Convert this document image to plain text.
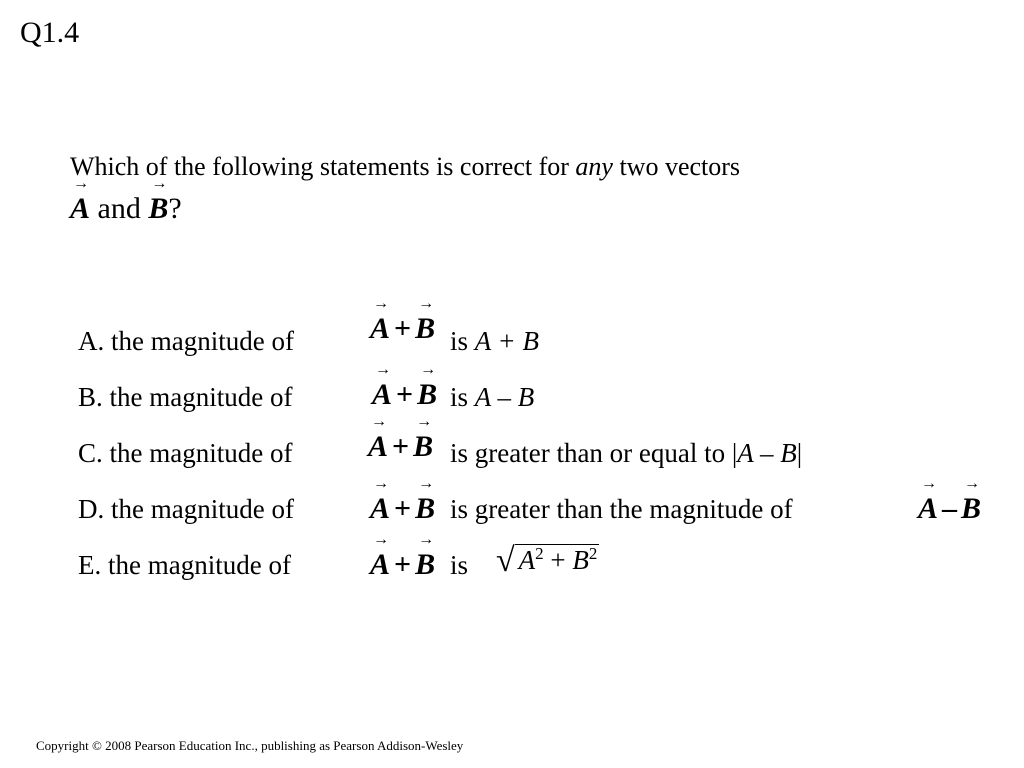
Q1.4
Which of the following statements is correct for any two vectors
→ A and → B?
A. the magnitude of	→ A + → B is A + B
B. the magnitude of	→ A + → B is A – B
C. the magnitude of	→ A + → B is greater than or equal to |A – B|
D. the magnitude of	→ A + → B is greater than the magnitude of	→ A – → B
E. the magnitude of	→ A + → B is √ $A^2 + B^2$
Copyright © 2008 Pearson Education Inc., publishing as Pearson Addison-Wesley
